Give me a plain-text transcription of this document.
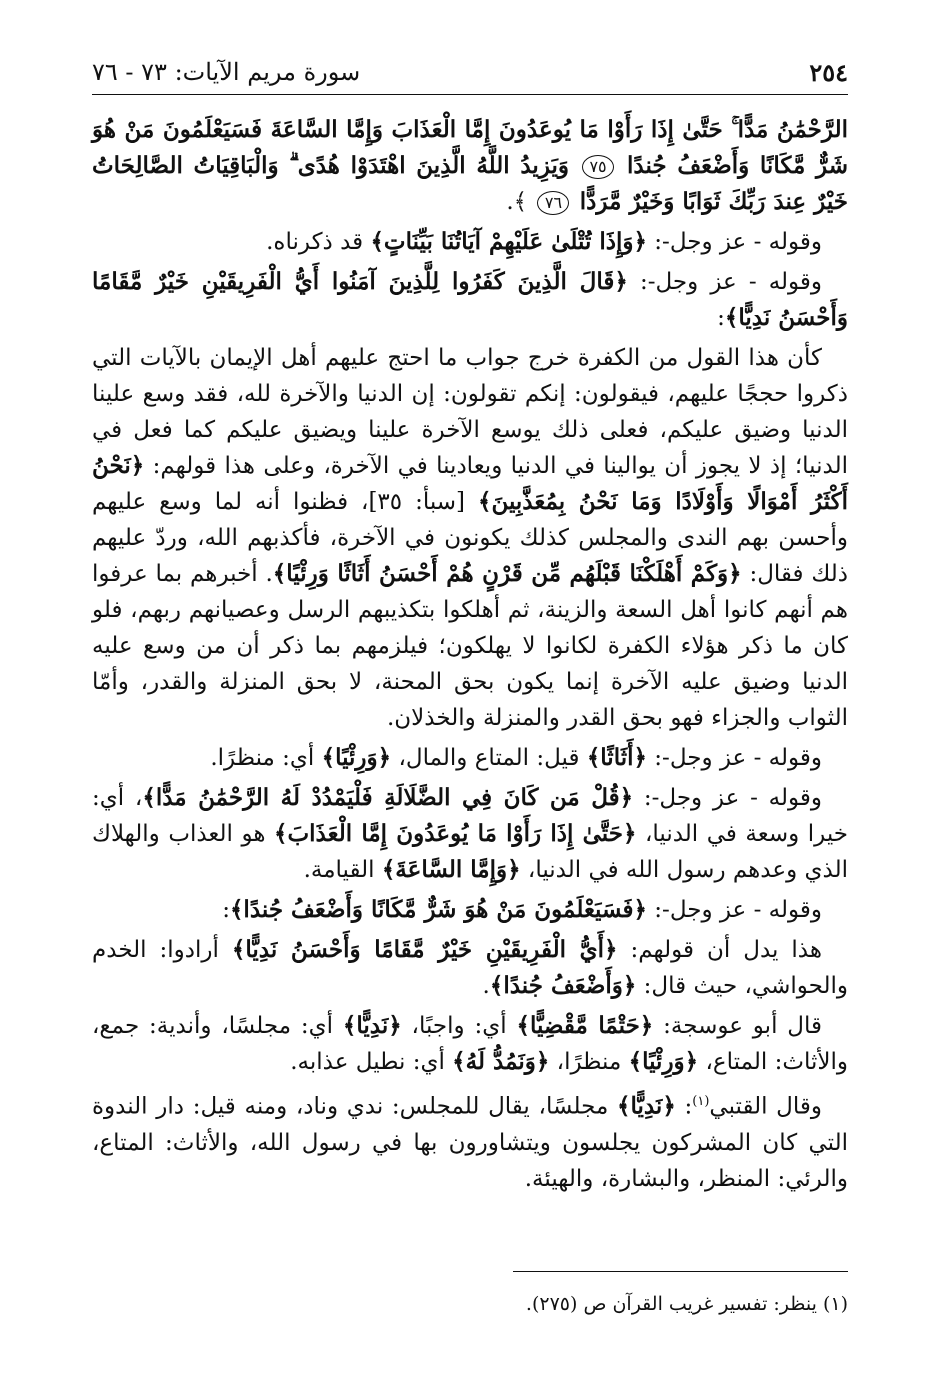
٢٥٤
سورة مريم الآيات: ٧٣ - ٧٦

الرَّحْمَٰنُ مَدًّا ۚ حَتَّىٰ إِذَا رَأَوْا مَا يُوعَدُونَ إِمَّا الْعَذَابَ وَإِمَّا السَّاعَةَ فَسَيَعْلَمُونَ مَنْ هُوَ شَرٌّ مَّكَانًا وَأَضْعَفُ جُندًا ٧٥ وَيَزِيدُ اللَّهُ الَّذِينَ اهْتَدَوْا هُدًى ۗ وَالْبَاقِيَاتُ الصَّالِحَاتُ خَيْرٌ عِندَ رَبِّكَ ثَوَابًا وَخَيْرٌ مَّرَدًّا ٧٦ ﴾.

وقوله - عز وجل-: ﴿وَإِذَا تُتْلَىٰ عَلَيْهِمْ آيَاتُنَا بَيِّنَاتٍ﴾ قد ذكرناه.

وقوله - عز وجل-: ﴿قَالَ الَّذِينَ كَفَرُوا لِلَّذِينَ آمَنُوا أَيُّ الْفَرِيقَيْنِ خَيْرٌ مَّقَامًا وَأَحْسَنُ نَدِيًّا﴾:

كأن هذا القول من الكفرة خرج جواب ما احتج عليهم أهل الإيمان بالآيات التي ذكروا حججًا عليهم، فيقولون: إنكم تقولون: إن الدنيا والآخرة لله، فقد وسع علينا الدنيا وضيق عليكم، فعلى ذلك يوسع الآخرة علينا ويضيق عليكم كما فعل في الدنيا؛ إذ لا يجوز أن يوالينا في الدنيا ويعادينا في الآخرة، وعلى هذا قولهم: ﴿نَحْنُ أَكْثَرُ أَمْوَالًا وَأَوْلَادًا وَمَا نَحْنُ بِمُعَذَّبِينَ﴾ [سبأ: ٣٥]، فظنوا أنه لما وسع عليهم وأحسن بهم الندى والمجلس كذلك يكونون في الآخرة، فأكذبهم الله، وردّ عليهم ذلك فقال: ﴿وَكَمْ أَهْلَكْنَا قَبْلَهُم مِّن قَرْنٍ هُمْ أَحْسَنُ أَثَاثًا وَرِئْيًا﴾. أخبرهم بما عرفوا هم أنهم كانوا أهل السعة والزينة، ثم أهلكوا بتكذيبهم الرسل وعصيانهم ربهم، فلو كان ما ذكر هؤلاء الكفرة لكانوا لا يهلكون؛ فيلزمهم بما ذكر أن من وسع عليه الدنيا وضيق عليه الآخرة إنما يكون بحق المحنة، لا بحق المنزلة والقدر، وأمّا الثواب والجزاء فهو بحق القدر والمنزلة والخذلان.

وقوله - عز وجل-: ﴿أَثَاثًا﴾ قيل: المتاع والمال، ﴿وَرِئْيًا﴾ أي: منظرًا.

وقوله - عز وجل-: ﴿قُلْ مَن كَانَ فِي الضَّلَالَةِ فَلْيَمْدُدْ لَهُ الرَّحْمَٰنُ مَدًّا﴾، أي: خيرا وسعة في الدنيا، ﴿حَتَّىٰ إِذَا رَأَوْا مَا يُوعَدُونَ إِمَّا الْعَذَابَ﴾ هو العذاب والهلاك الذي وعدهم رسول الله في الدنيا، ﴿وَإِمَّا السَّاعَةَ﴾ القيامة.

وقوله - عز وجل-: ﴿فَسَيَعْلَمُونَ مَنْ هُوَ شَرٌّ مَّكَانًا وَأَضْعَفُ جُندًا﴾:

هذا يدل أن قولهم: ﴿أَيُّ الْفَرِيقَيْنِ خَيْرٌ مَّقَامًا وَأَحْسَنُ نَدِيًّا﴾ أرادوا: الخدم والحواشي، حيث قال: ﴿وَأَضْعَفُ جُندًا﴾.

قال أبو عوسجة: ﴿حَتْمًا مَّقْضِيًّا﴾ أي: واجبًا، ﴿نَدِيًّا﴾ أي: مجلسًا، وأندية: جمع، والأثاث: المتاع، ﴿وَرِئْيًا﴾ منظرًا، ﴿وَنَمُدُّ لَهُ﴾ أي: نطيل عذابه.

وقال القتبي$^{(١)}$: ﴿نَدِيًّا﴾ مجلسًا، يقال للمجلس: ندي وناد، ومنه قيل: دار الندوة التي كان المشركون يجلسون ويتشاورون بها في رسول الله، والأثاث: المتاع، والرئي: المنظر، والبشارة، والهيئة.

(١) ينظر: تفسير غريب القرآن ص (٢٧٥).
